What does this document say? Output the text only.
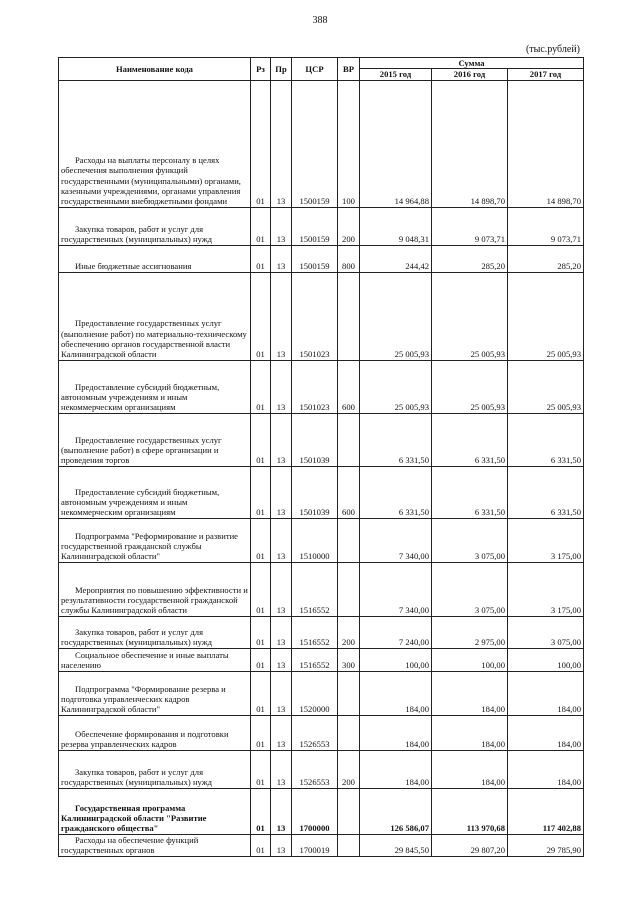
388
(тыс.рублей)
Наименование кода	Рз	Пр	ЦСР	ВР	Сумма		
					2015 год	2016 год	2017 год

Расходы на выплаты персоналу в целях обеспечения выполнения функций государственными (муниципальными) органами, казенными учреждениями, органами управления государственными внебюджетными фондами	01	13	1500159	100	14 964,88	14 898,70	14 898,70

Закупка товаров, работ и услуг для государственных (муниципальных) нужд	01	13	1500159	200	9 048,31	9 073,71	9 073,71

Иные бюджетные ассигнования	01	13	1500159	800	244,42	285,20	285,20

Предоставление государственных услуг (выполнение работ) по материально-техническому обеспечению органов государственной власти Калининградской области	01	13	1501023		25 005,93	25 005,93	25 005,93

Предоставление субсидий бюджетным, автономным учреждениям и иным некоммерческим организациям	01	13	1501023	600	25 005,93	25 005,93	25 005,93

Предоставление государственных услуг (выполнение работ) в сфере организации и проведения торгов	01	13	1501039		6 331,50	6 331,50	6 331,50

Предоставление субсидий бюджетным, автономным учреждениям и иным некоммерческим организациям	01	13	1501039	600	6 331,50	6 331,50	6 331,50

Подпрограмма "Реформирование и развитие государственной гражданской службы Калининградской области"	01	13	1510000		7 340,00	3 075,00	3 175,00

Мероприятия по повышению эффективности и результативности государственной гражданской службы Калининградской области	01	13	1516552		7 340,00	3 075,00	3 175,00

Закупка товаров, работ и услуг для государственных (муниципальных) нужд	01	13	1516552	200	7 240,00	2 975,00	3 075,00

Социальное обеспечение и иные выплаты населению	01	13	1516552	300	100,00	100,00	100,00

Подпрограмма "Формирование резерва и подготовка управленческих кадров Калининградской области"	01	13	1520000		184,00	184,00	184,00

Обеспечение формирования и подготовки резерва управленческих кадров	01	13	1526553		184,00	184,00	184,00

Закупка товаров, работ и услуг для государственных (муниципальных) нужд	01	13	1526553	200	184,00	184,00	184,00

Государственная программа Калининградской области "Развитие гражданского общества"	01	13	1700000		126 586,07	113 970,68	117 402,88

Расходы на обеспечение функций государственных органов	01	13	1700019		29 845,50	29 807,20	29 785,90
